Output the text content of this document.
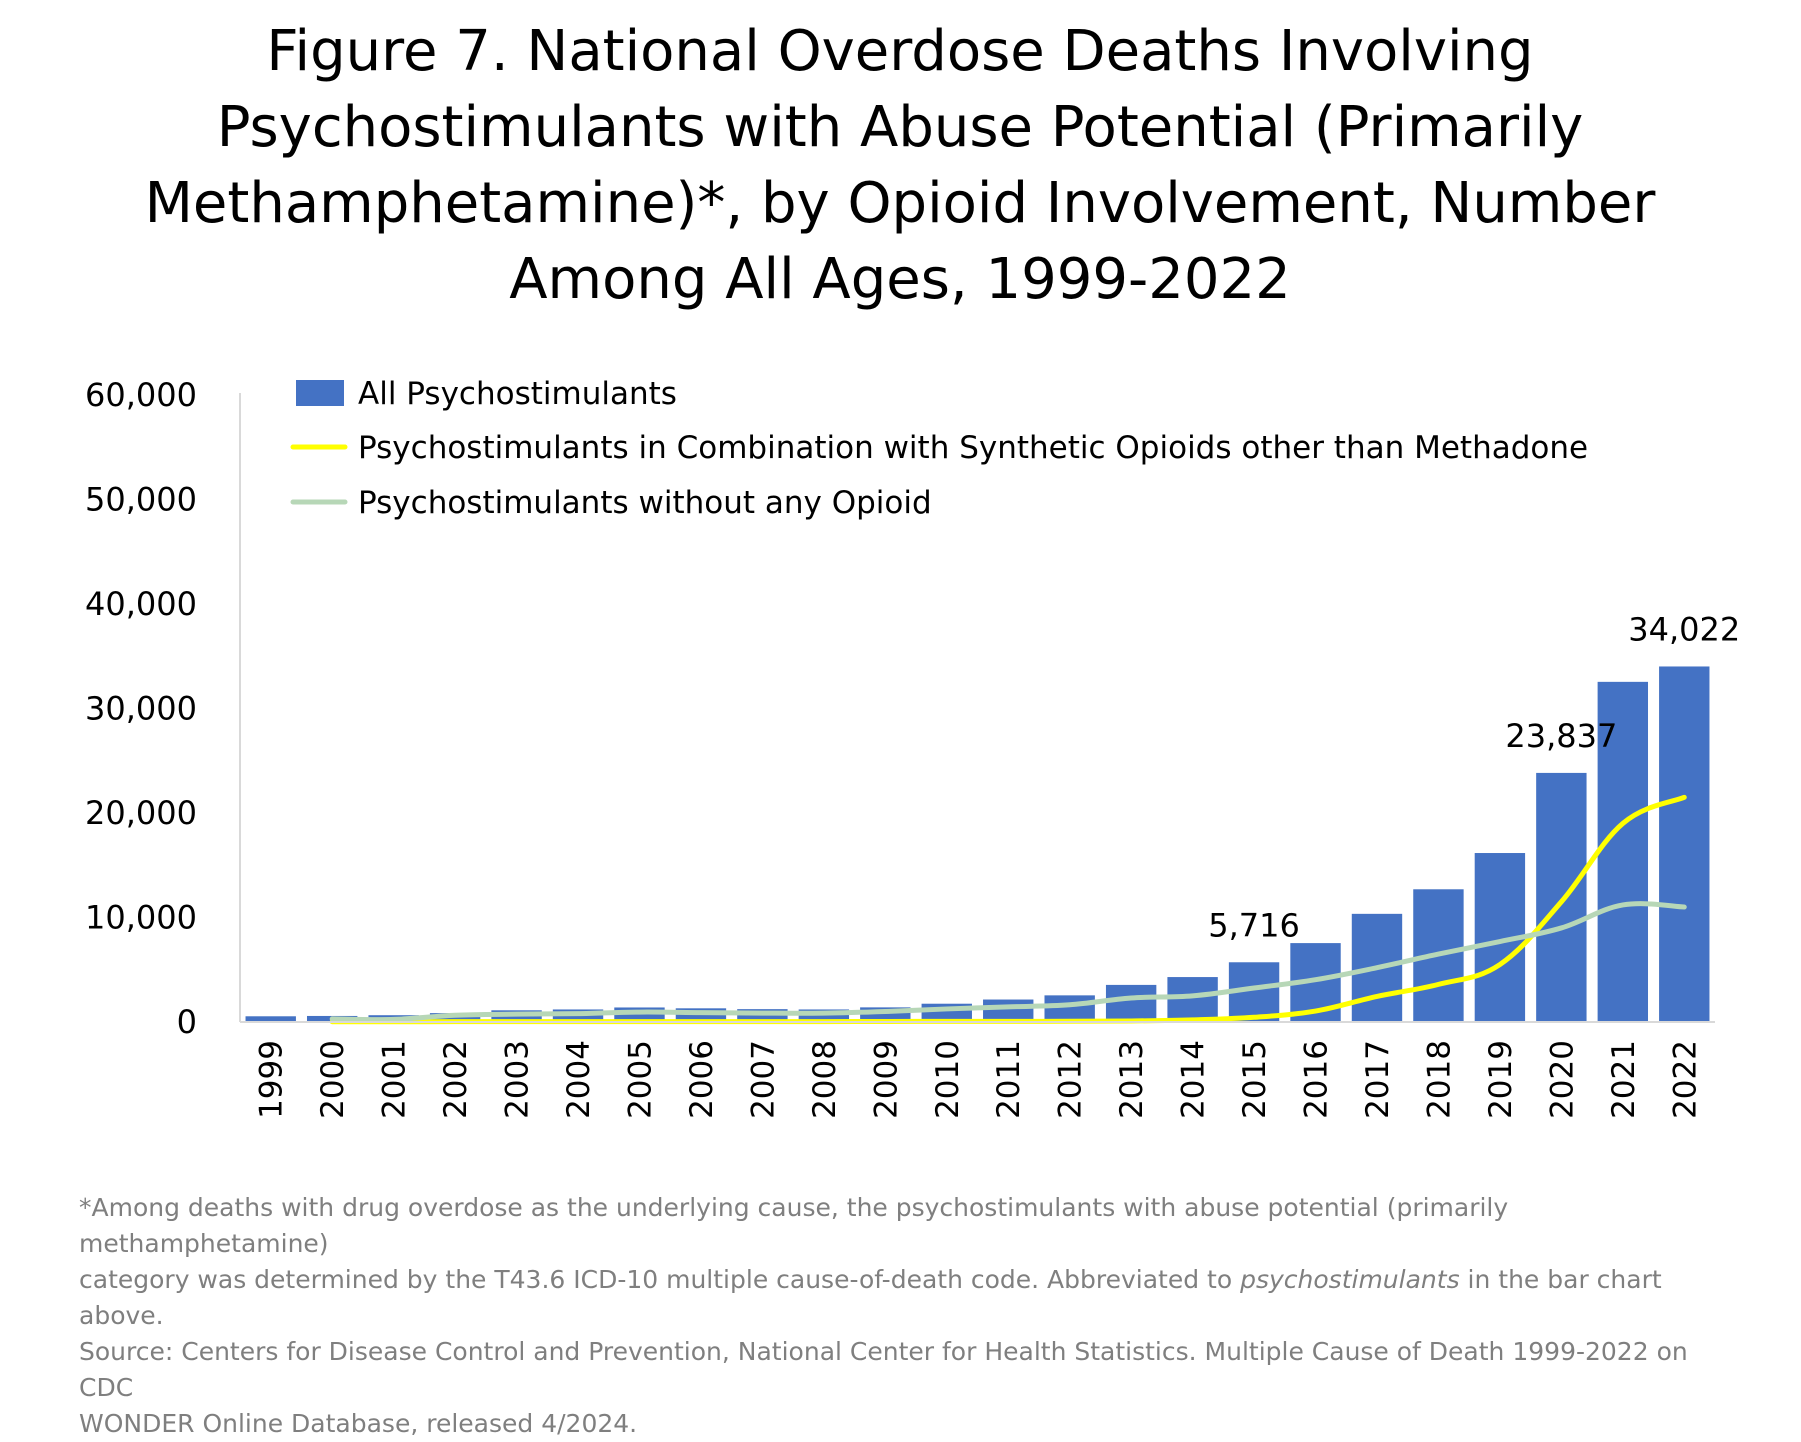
Figure 7. National Overdose Deaths Involving Psychostimulants with Abuse Potential (Primarily Methamphetamine)*, by Opioid Involvement, Number Among All Ages, 1999-2022
0
10,000
20,000
30,000
40,000
50,000
60,000
1999 2000 2001 2002 2003 2004 2005 2006 2007 2008 2009 2010 2011 2012 2013 2014 2015 2016 2017 2018 2019 2020 2021 2022
5,716
23,837
34,022
All Psychostimulants
Psychostimulants in Combination with Synthetic Opioids other than Methadone
Psychostimulants without any Opioid
*Among deaths with drug overdose as the underlying cause, the psychostimulants with abuse potential (primarily methamphetamine)
category was determined by the T43.6 ICD-10 multiple cause-of-death code. Abbreviated to psychostimulants in the bar chart above.
Source: Centers for Disease Control and Prevention, National Center for Health Statistics. Multiple Cause of Death 1999-2022 on CDC
WONDER Online Database, released 4/2024.
